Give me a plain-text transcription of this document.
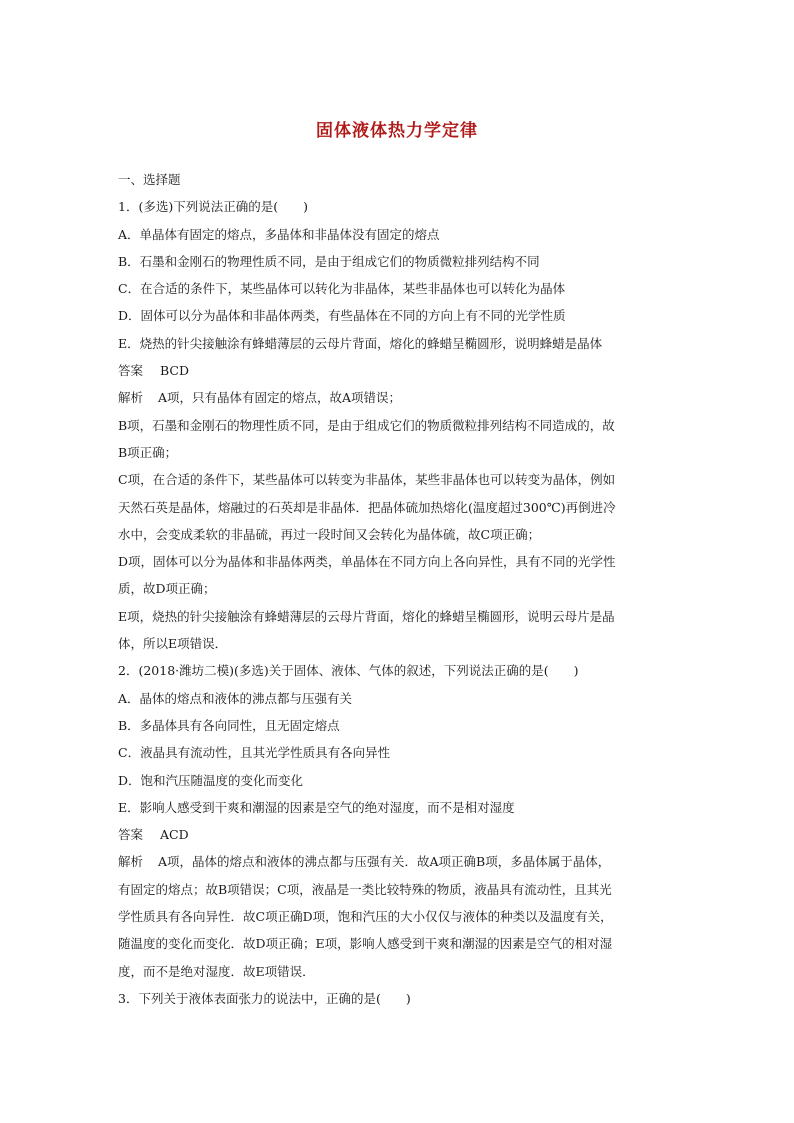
固体液体热力学定律
一、选择题
1．(多选)下列说法正确的是(　　)
A．单晶体有固定的熔点，多晶体和非晶体没有固定的熔点
B．石墨和金刚石的物理性质不同，是由于组成它们的物质微粒排列结构不同
C．在合适的条件下，某些晶体可以转化为非晶体，某些非晶体也可以转化为晶体
D．固体可以分为晶体和非晶体两类，有些晶体在不同的方向上有不同的光学性质
E．烧热的针尖接触涂有蜂蜡薄层的云母片背面，熔化的蜂蜡呈椭圆形，说明蜂蜡是晶体
答案 BCD
解析 A项，只有晶体有固定的熔点，故A项错误；
B项，石墨和金刚石的物理性质不同，是由于组成它们的物质微粒排列结构不同造成的，故
B项正确；
C项，在合适的条件下，某些晶体可以转变为非晶体，某些非晶体也可以转变为晶体，例如
天然石英是晶体，熔融过的石英却是非晶体．把晶体硫加热熔化(温度超过300℃)再倒进冷
水中，会变成柔软的非晶硫，再过一段时间又会转化为晶体硫，故C项正确；
D项，固体可以分为晶体和非晶体两类，单晶体在不同方向上各向异性，具有不同的光学性
质，故D项正确；
E项，烧热的针尖接触涂有蜂蜡薄层的云母片背面，熔化的蜂蜡呈椭圆形，说明云母片是晶
体，所以E项错误．
2．(2018·潍坊二模)(多选)关于固体、液体、气体的叙述，下列说法正确的是(　　)
A．晶体的熔点和液体的沸点都与压强有关
B．多晶体具有各向同性，且无固定熔点
C．液晶具有流动性，且其光学性质具有各向异性
D．饱和汽压随温度的变化而变化
E．影响人感受到干爽和潮湿的因素是空气的绝对湿度，而不是相对湿度
答案 ACD
解析 A项，晶体的熔点和液体的沸点都与压强有关．故A项正确B项，多晶体属于晶体，
有固定的熔点；故B项错误；C项，液晶是一类比较特殊的物质，液晶具有流动性，且其光
学性质具有各向异性．故C项正确D项，饱和汽压的大小仅仅与液体的种类以及温度有关，
随温度的变化而变化．故D项正确；E项，影响人感受到干爽和潮湿的因素是空气的相对湿
度，而不是绝对湿度．故E项错误．
3．下列关于液体表面张力的说法中，正确的是(　　)
